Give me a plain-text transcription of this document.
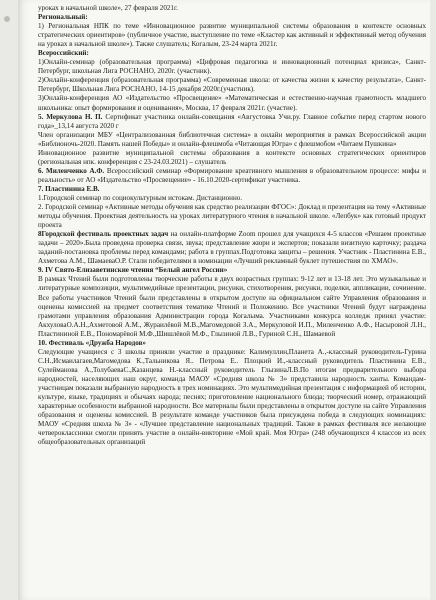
уроках в начальной школе», 27 февраля 2021г.

Региональный:

1) Региональная НПК по теме «Инновационное развитие муниципальной системы образования в контексте основных стратегических ориентиров» (публичное участие, выступление по теме «Кластер как активный и эффективный метод обучения на уроках в начальной школе»). Также слушатель; Когалым, 23-24 марта 2021г.

Всероссийский:

1)Онлайн-семинар (образовательная программа) «Цифровая педагогика и инновационный потенциал кризиса», Санкт-Петербург, школьная Лига РОСНАНО, 2020г. (участник).

2)Онлайн-конференция (образовательная программа) «Современная школа: от качества жизни к качеству результата», Санкт-Петербург, Школьная Лига РОСНАНО, 14-15 декабря 2020г.(участник).

3)Онлайн-конференция АО «Издательство «Просвещение» «Математическая и естественно-научная грамотность младшего школьника: опыт формирования и оценивания», Москва, 17 февраля 2021г. (участие).

5. Меркулова Н. П. Сертификат участника онлайн-совещания «Августовка Учи.ру. Главное событие перед стартом нового года»_13,14 августа 2020 г

Член организации МБУ «Централизованная библиотечная система» в онлайн мероприятия в рамках Всероссийской акции «Библионочь-2020. Память нашей Победы» и онлайн-флешмоба «Читающая Югра» с флешмобом «Читаем Пушкина»

Инновационное развитие муниципальной системы образования в контексте основных стратегических ориентиров (региональная нпк. конференция с 23-24.03.2021) – слушатель

6. Миленченко А.Ф. Всероссийский семинар «Формирование креативного мышления в образовательном процессе: мифы и реальность» от АО «Издательство «Просвещение» - 16.10.2020-сертификат участника.

7. Пластинина Е.В.

1.Городской семинар по социокультурным истокам. Дистанционно.

2. Городской семинар «Активные методы обучения как средство реализации ФГОС»: Доклад и презентация на тему «Активные методы обучения. Проектная деятельность на уроках литературного чтения в начальной школе. «Лепбук» как готовый продукт проекта

8Городской фестиваль проектных задач на онлайн-платформе Zoom прошел для учащихся 4-5 классов «Решаем проектные задачи – 2020».Была проведена проверка связи, звука; представление жюри и экспертов; показали визитную карточку; раздача заданий-постановка проблемы перед командами; работа в группах.Подготовка защиты – решения. Участник - Пластинина Е.В., Ахметова А.М., ШамаеваО.Р. Стали победителями в номинации «Лучший рекламный буклет путешествия по ХМАО».

9. IV Свято-Елизаветинские чтения “Белый ангел России»

В рамках Чтений были подготовлены творческие работы в двух возрастных группах: 9-12 лет и 13-18 лет. Это музыкальные и литературные композиции, мультимедийные презентации, рисунки, стихотворения, рисунки, поделки, аппликации, сочинение. Все работы участников Чтений были представлены в открытом доступе на официальном сайте Управления образования и оценены комиссией на предмет соответствия тематике Чтений и Положению. Все участники Чтений будут награждены грамотами управления образования Администрации города Когалыма. Участниками конкурса колледж принял участие: АкхуловаО.А.Н.,Ахметовой А.М., Жураилёвой М.В.,Магомедовой З.А., Меркуловой И.П., Миленченко А.Ф., Насыровой Л.Н., Пластининой Е.В., Пономарёвой М.Ф.,Шишлёвой М.Ф., Глызиной Л.В., Гуриной С.Н., Шамаевой

10. Фестиваль «Дружба Народов»

Следующие учащиеся с 3 школы приняли участие в празднике: Калимуллин,Планета А.,-классный руководитель-Гурина С.Н.,Исмаилагаев,Магомедова К.,Тальникова Я.. Петрова Е.. Плоцкий И.,-классный руководитель Пластинина Е.В., Сулейманова А.,ТолубаеваС.,Казанцева Н.-классный руководитель ГлызинаЛ.В.По итогам предварительного выбора народностей, населяющих наш округ, команда МАОУ «Средняя школа № 3» представила народность ханты. Командам-участницам показали выбранную народность в трех номинациях. Это мультимедийная презентация с информацией об истории, культуре, языке, традициях и обычаях народа; песнях; приготовление национального блюда; творческий номер, отражающий характерные особенности выбранной народности. Все материалы были представлены в открытом доступе на сайте Управления образования и оценены комиссией. В результате команде участников была присуждена победа в следующих номинациях: МАОУ «Средняя школа № 3» - «Лучшее представление национальных традиций. Также в рамках фестиваля все желающие четвероклассники смогли принять участие в онлайн-викторине «Мой край. Моя Югра» (248 обучающихся 4 классов из всех общеобразовательных организаций
